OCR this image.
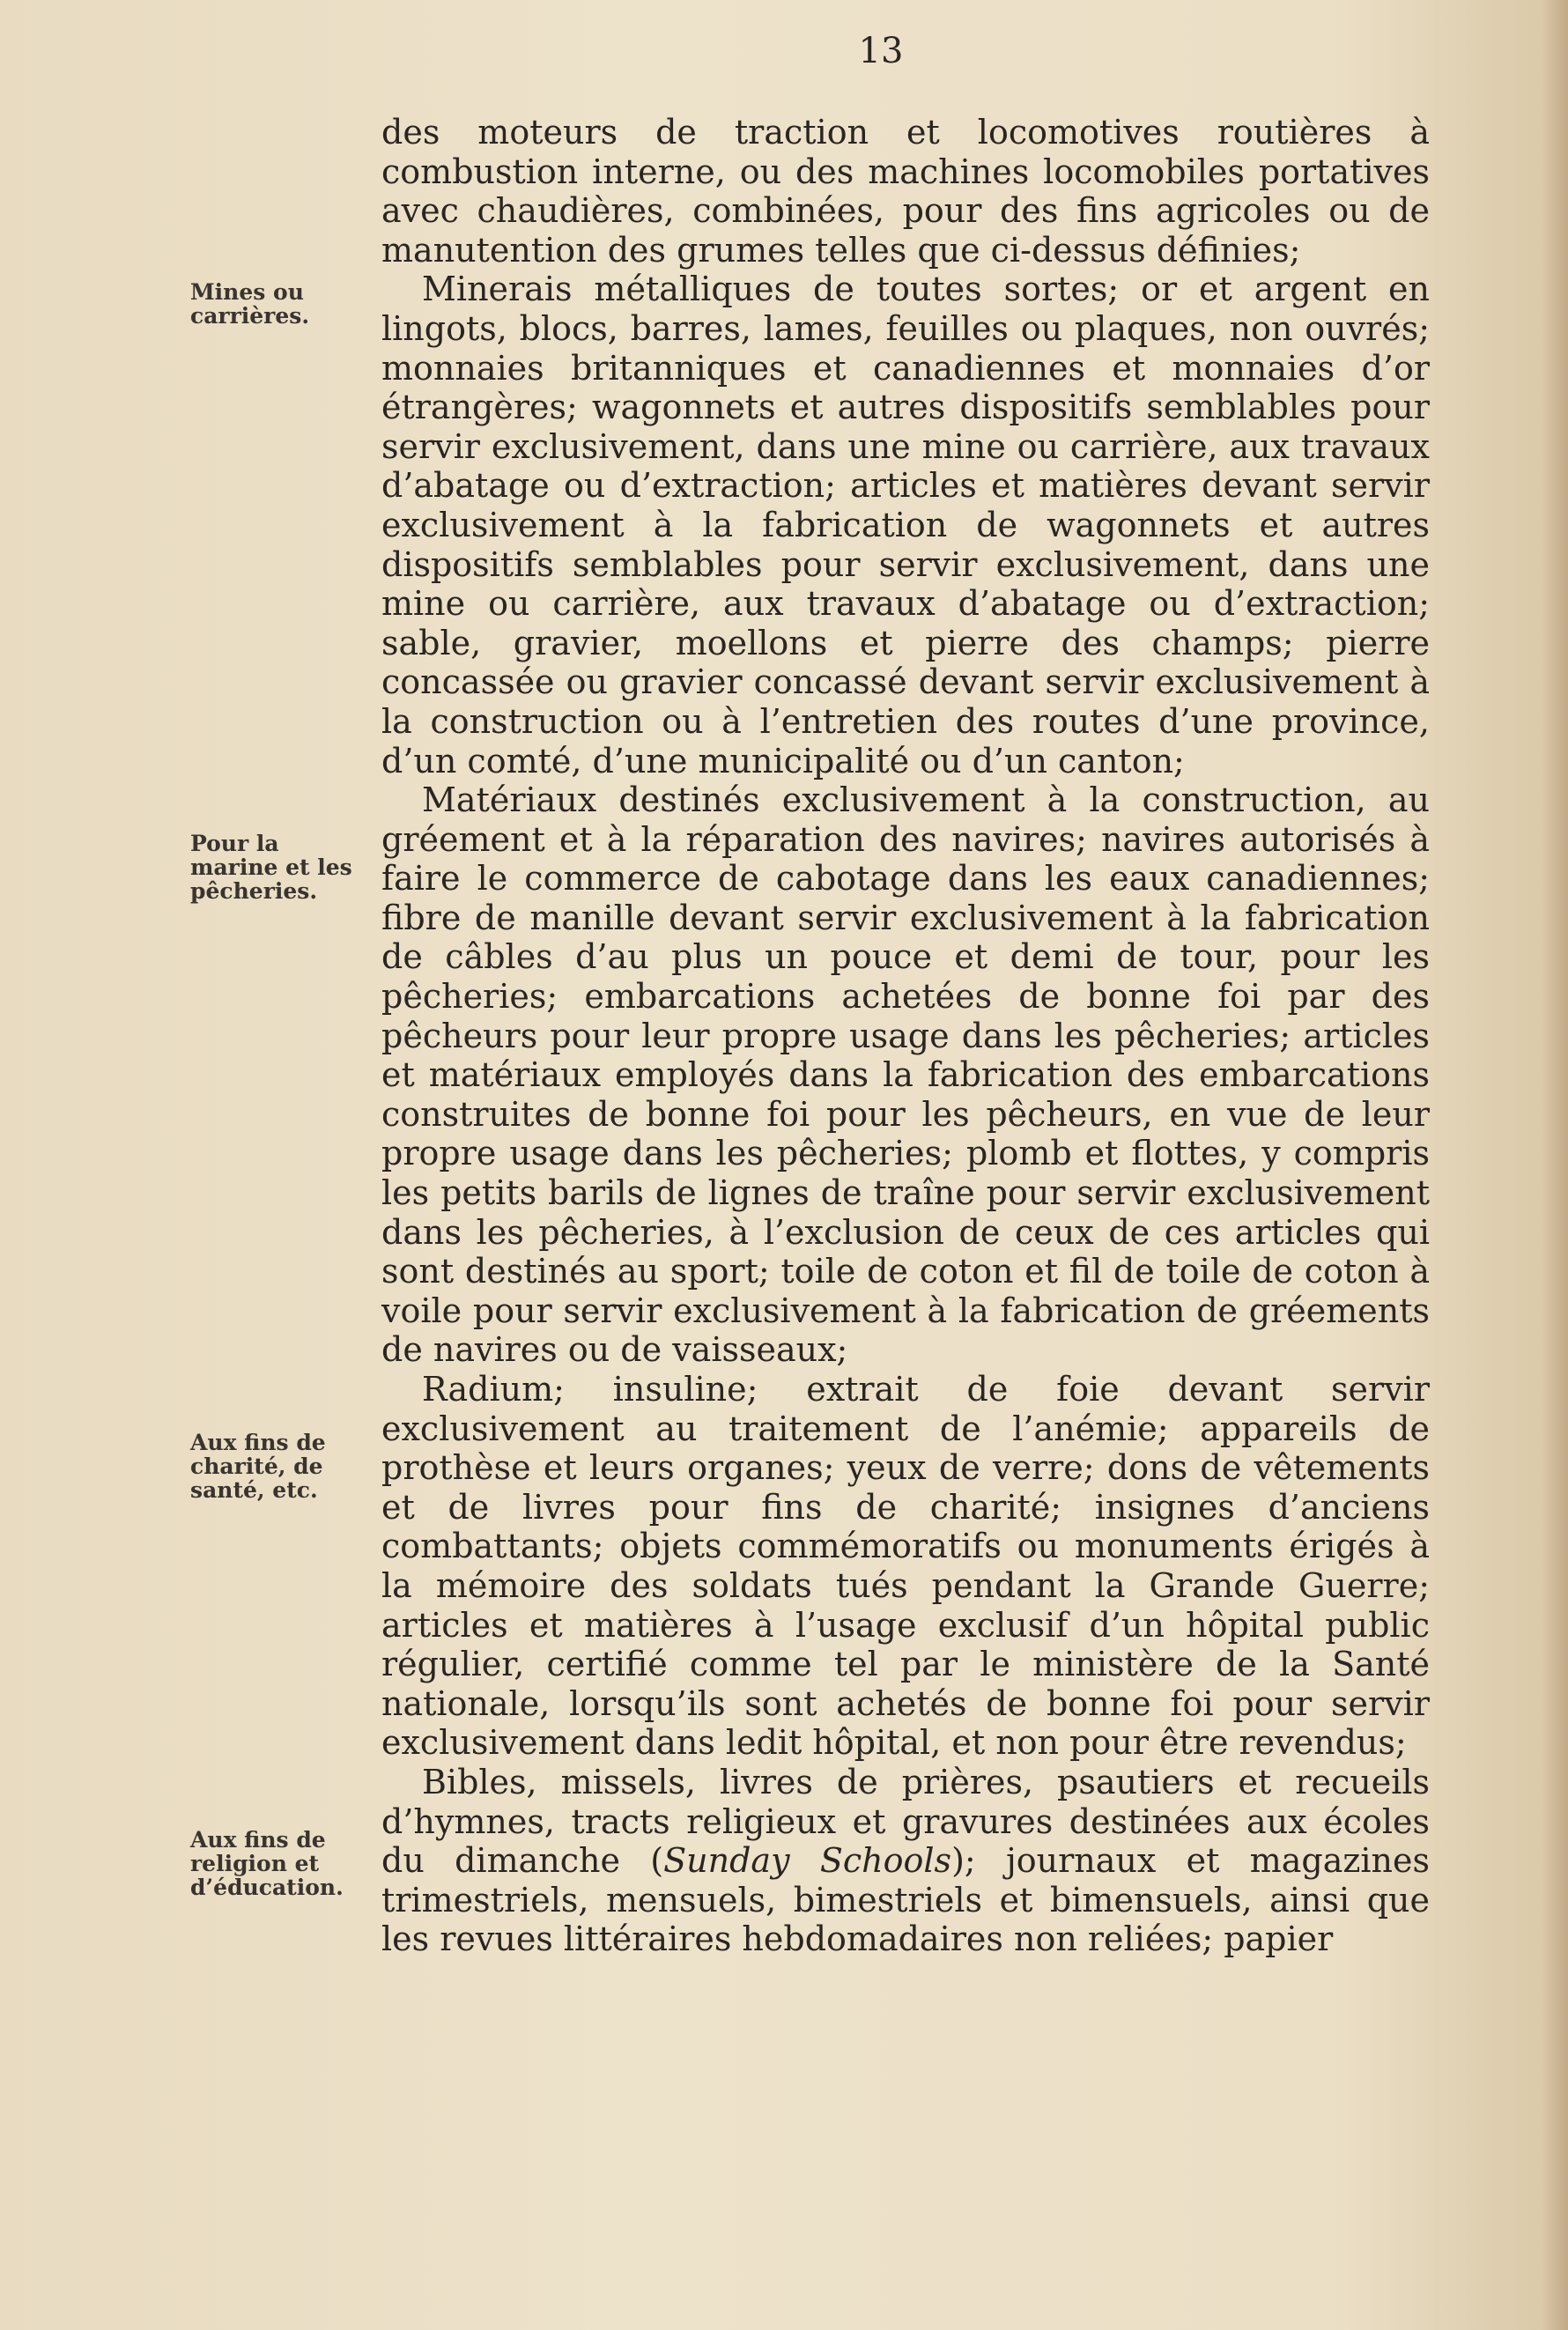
13
Mines ou carrières.
Pour la marine et les pêcheries.
Aux fins de charité, de santé, etc.
Aux fins de religion et d’éducation.

des moteurs de traction et locomotives routières à combustion interne, ou des machines locomobiles portatives avec chaudières, combinées, pour des fins agricoles ou de manutention des grumes telles que ci-dessus définies;

Minerais métalliques de toutes sortes; or et argent en lingots, blocs, barres, lames, feuilles ou plaques, non ouvrés; monnaies britanniques et canadiennes et monnaies d’or étrangères; wagonnets et autres dispositifs semblables pour servir exclusivement, dans une mine ou carrière, aux travaux d’abatage ou d’extraction; articles et matières devant servir exclusivement à la fabrication de wagonnets et autres dispositifs semblables pour servir exclusivement, dans une mine ou carrière, aux travaux d’abatage ou d’extraction; sable, gravier, moellons et pierre des champs; pierre concassée ou gravier concassé devant servir exclusivement à la construction ou à l’entretien des routes d’une province, d’un comté, d’une municipalité ou d’un canton;

Matériaux destinés exclusivement à la construction, au gréement et à la réparation des navires; navires autorisés à faire le commerce de cabotage dans les eaux canadiennes; fibre de manille devant servir exclusivement à la fabrication de câbles d’au plus un pouce et demi de tour, pour les pêcheries; embarcations achetées de bonne foi par des pêcheurs pour leur propre usage dans les pêcheries; articles et matériaux employés dans la fabrication des embarcations construites de bonne foi pour les pêcheurs, en vue de leur propre usage dans les pêcheries; plomb et flottes, y compris les petits barils de lignes de traîne pour servir exclusivement dans les pêcheries, à l’exclusion de ceux de ces articles qui sont destinés au sport; toile de coton et fil de toile de coton à voile pour servir exclusivement à la fabrication de gréements de navires ou de vaisseaux;

Radium; insuline; extrait de foie devant servir exclusivement au traitement de l’anémie; appareils de prothèse et leurs organes; yeux de verre; dons de vêtements et de livres pour fins de charité; insignes d’anciens combattants; objets commémoratifs ou monuments érigés à la mémoire des soldats tués pendant la Grande Guerre; articles et matières à l’usage exclusif d’un hôpital public régulier, certifié comme tel par le ministère de la Santé nationale, lorsqu’ils sont achetés de bonne foi pour servir exclusivement dans ledit hôpital, et non pour être revendus;

Bibles, missels, livres de prières, psautiers et recueils d’hymnes, tracts religieux et gravures destinées aux écoles du dimanche (Sunday Schools); journaux et magazines trimestriels, mensuels, bimestriels et bimensuels, ainsi que les revues littéraires hebdomadaires non reliées; papier
